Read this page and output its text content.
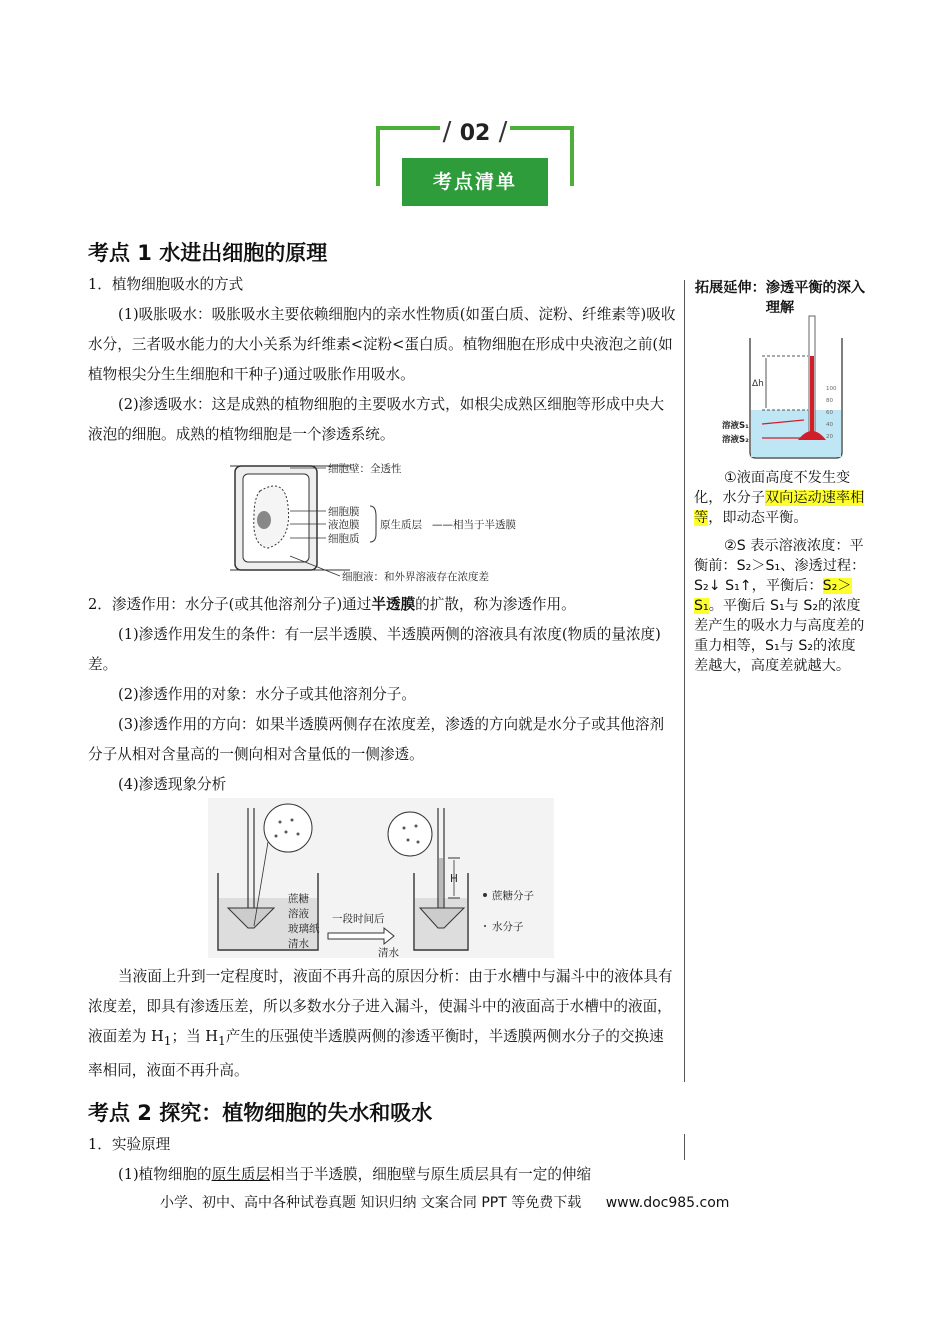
/ 02 /
考点清单
考点 1 水进出细胞的原理

1．植物细胞吸水的方式

(1)吸胀吸水：吸胀吸水主要依赖细胞内的亲水性物质(如蛋白质、淀粉、纤维素等)吸收水分，三者吸水能力的大小关系为纤维素<淀粉<蛋白质。植物细胞在形成中央液泡之前(如植物根尖分生生细胞和干种子)通过吸胀作用吸水。

(2)渗透吸水：这是成熟的植物细胞的主要吸水方式，如根尖成熟区细胞等形成中央大液泡的细胞。成熟的植物细胞是一个渗透系统。

细胞壁：全透性
细胞膜
液泡膜
细胞质
原生质层 ——相当于半透膜
细胞液：和外界溶液存在浓度差

2．渗透作用：水分子(或其他溶剂分子)通过半透膜的扩散，称为渗透作用。

(1)渗透作用发生的条件：有一层半透膜、半透膜两侧的溶液具有浓度(物质的量浓度)差。

(2)渗透作用的对象：水分子或其他溶剂分子。

(3)渗透作用的方向：如果半透膜两侧存在浓度差，渗透的方向就是水分子或其他溶剂分子从相对含量高的一侧向相对含量低的一侧渗透。

(4)渗透现象分析

蔗糖
溶液
玻璃纸
清水
一段时间后
清水
H
蔗糖分子
水分子

当液面上升到一定程度时，液面不再升高的原因分析：由于水槽中与漏斗中的液体具有浓度差，即具有渗透压差，所以多数水分子进入漏斗，使漏斗中的液面高于水槽中的液面，液面差为 $H_1$；当 $H_1$产生的压强使半透膜两侧的渗透平衡时，半透膜两侧水分子的交换速率相同，液面不再升高。

拓展延伸：渗透平衡的深入理解
Δh
溶液S₁
溶液S₂
100
80
60
40
20

①液面高度不发生变化，水分子双向运动速率相等，即动态平衡。

②S 表示溶液浓度：平衡前：S₂＞S₁、渗透过程：S₂↓ S₁↑，平衡后：S₂＞S₁。平衡后 S₁与 S₂的浓度差产生的吸水力与高度差的重力相等，S₁与 S₂的浓度差越大，高度差就越大。

考点 2 探究：植物细胞的失水和吸水

1．实验原理

(1)植物细胞的原生质层相当于半透膜，细胞壁与原生质层具有一定的伸缩

小学、初中、高中各种试卷真题 知识归纳 文案合同 PPT 等免费下载 www.doc985.com
